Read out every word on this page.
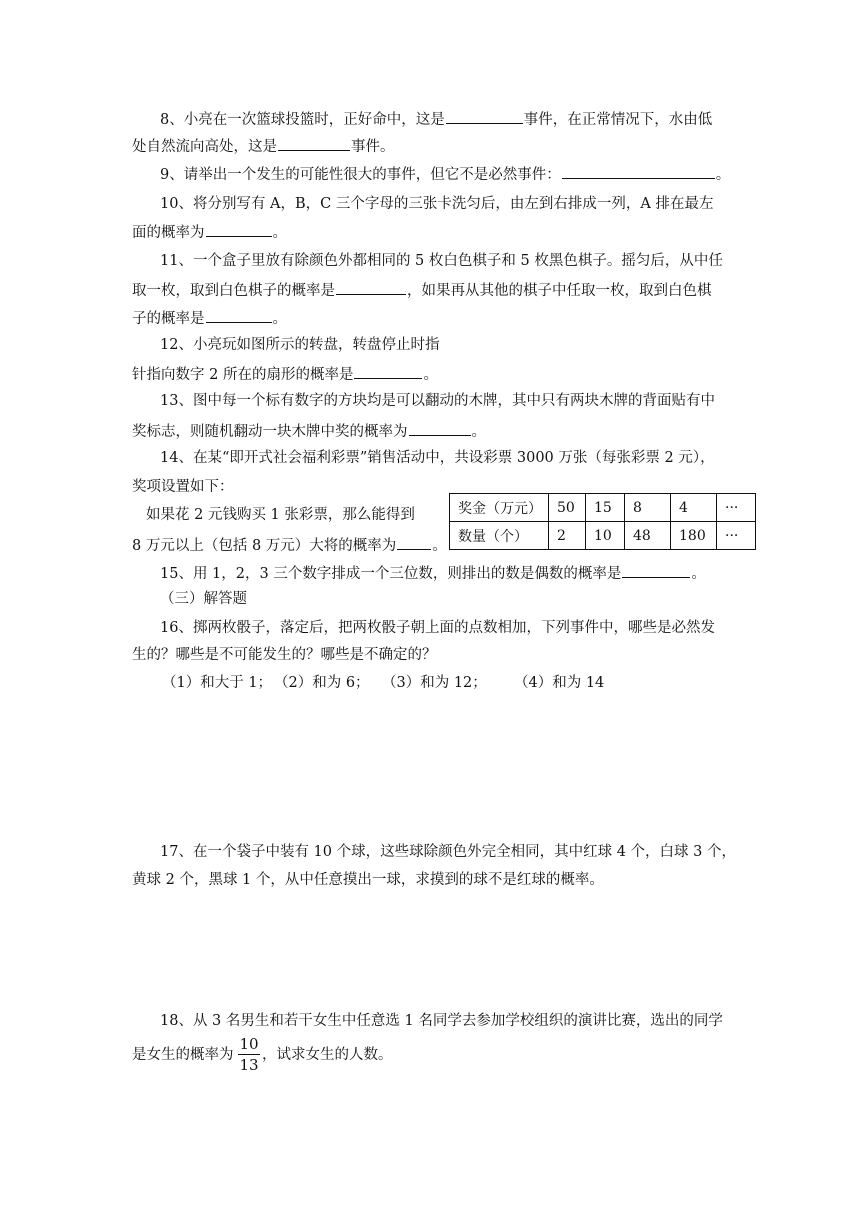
8、小亮在一次篮球投篮时，正好命中，这是	事件，在正常情况下，水由低
处自然流向高处，这是	事件。
9、请举出一个发生的可能性很大的事件，但它不是必然事件：	。
10、将分别写有 A，B，C 三个字母的三张卡洗匀后，由左到右排成一列，A 排在最左
面的概率为	。
11、一个盒子里放有除颜色外都相同的 5 枚白色棋子和 5 枚黑色棋子。摇匀后，从中任
取一枚，取到白色棋子的概率是	，如果再从其他的棋子中任取一枚，取到白色棋
子的概率是	。
12、小亮玩如图所示的转盘，转盘停止时指
针指向数字 2 所在的扇形的概率是	。
13、图中每一个标有数字的方块均是可以翻动的木牌，其中只有两块木牌的背面贴有中
奖标志，则随机翻动一块木牌中奖的概率为	。
14、在某“即开式社会福利彩票”销售活动中，共设彩票 3000 万张（每张彩票 2 元），
奖项设置如下：
如果花 2 元钱购买 1 张彩票，那么能得到
8 万元以上（包括 8 万元）大将的概率为 。
奖金（万元）	50	15	8	4	···
数量（个）	2	10	48	180	···
15、用 1，2，3 三个数字排成一个三位数，则排出的数是偶数的概率是	。
（三）解答题
16、掷两枚骰子，落定后，把两枚骰子朝上面的点数相加，下列事件中，哪些是必然发
生的？哪些是不可能发生的？哪些是不确定的？
（1）和大于 1； （2）和为 6； （3）和为 12； （4）和为 14
17、在一个袋子中装有 10 个球，这些球除颜色外完全相同，其中红球 4 个，白球 3 个，
黄球 2 个，黑球 1 个，从中任意摸出一球，求摸到的球不是红球的概率。
18、从 3 名男生和若干女生中任意选 1 名同学去参加学校组织的演讲比赛，选出的同学
是女生的概率为
10
13
，试求女生的人数。
